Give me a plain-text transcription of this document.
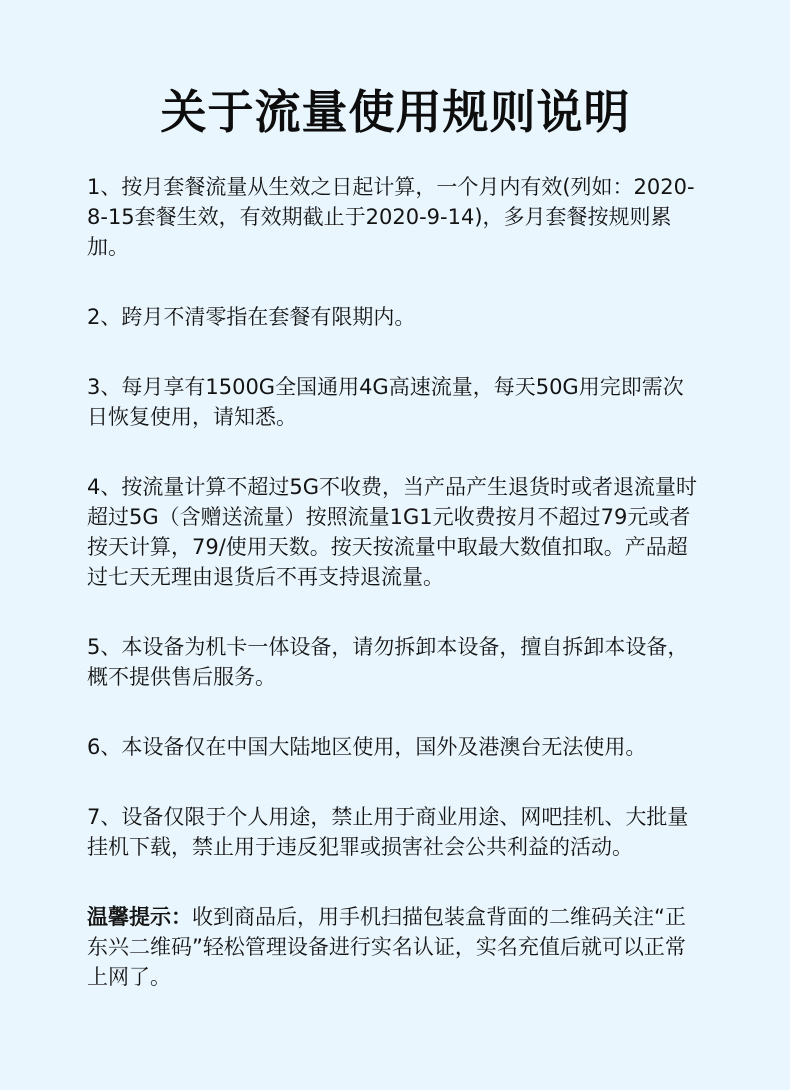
关于流量使用规则说明

1、按月套餐流量从生效之日起计算，一个月内有效(列如：2020-8-15套餐生效，有效期截止于2020-9-14)，多月套餐按规则累加。

2、跨月不清零指在套餐有限期内。

3、每月享有1500G全国通用4G高速流量，每天50G用完即需次日恢复使用，请知悉。

4、按流量计算不超过5G不收费，当产品产生退货时或者退流量时超过5G（含赠送流量）按照流量1G1元收费按月不超过79元或者按天计算，79/使用天数。按天按流量中取最大数值扣取。产品超过七天无理由退货后不再支持退流量。

5、本设备为机卡一体设备，请勿拆卸本设备，擅自拆卸本设备，概不提供售后服务。

6、本设备仅在中国大陆地区使用，国外及港澳台无法使用。

7、设备仅限于个人用途，禁止用于商业用途、网吧挂机、大批量挂机下载，禁止用于违反犯罪或损害社会公共利益的活动。

温馨提示：收到商品后，用手机扫描包装盒背面的二维码关注“正东兴二维码”轻松管理设备进行实名认证，实名充值后就可以正常上网了。
